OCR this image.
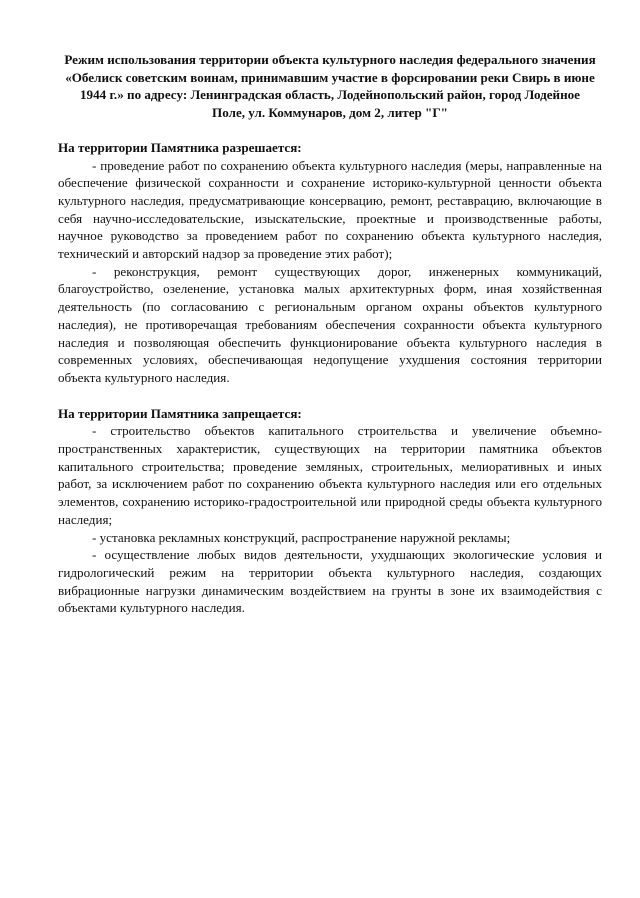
Режим использования территории объекта культурного наследия федерального значения «Обелиск советским воинам, принимавшим участие в форсировании реки Свирь в июне 1944 г.» по адресу: Ленинградская область, Лодейнопольский район, город Лодейное Поле, ул. Коммунаров, дом 2, литер "Г"

На территории Памятника разрешается:

- проведение работ по сохранению объекта культурного наследия (меры, направленные на обеспечение физической сохранности и сохранение историко-культурной ценности объекта культурного наследия, предусматривающие консервацию, ремонт, реставрацию, включающие в себя научно-исследовательские, изыскательские, проектные и производственные работы, научное руководство за проведением работ по сохранению объекта культурного наследия, технический и авторский надзор за проведение этих работ);

- реконструкция, ремонт существующих дорог, инженерных коммуникаций, благоустройство, озеленение, установка малых архитектурных форм, иная хозяйственная деятельность (по согласованию с региональным органом охраны объектов культурного наследия), не противоречащая требованиям обеспечения сохранности объекта культурного наследия и позволяющая обеспечить функционирование объекта культурного наследия в современных условиях, обеспечивающая недопущение ухудшения состояния территории объекта культурного наследия.

На территории Памятника запрещается:

- строительство объектов капитального строительства и увеличение объемно-пространственных характеристик, существующих на территории памятника объектов капитального строительства; проведение земляных, строительных, мелиоративных и иных работ, за исключением работ по сохранению объекта культурного наследия или его отдельных элементов, сохранению историко-градостроительной или природной среды объекта культурного наследия;

- установка рекламных конструкций, распространение наружной рекламы;

- осуществление любых видов деятельности, ухудшающих экологические условия и гидрологический режим на территории объекта культурного наследия, создающих вибрационные нагрузки динамическим воздействием на грунты в зоне их взаимодействия с объектами культурного наследия.
